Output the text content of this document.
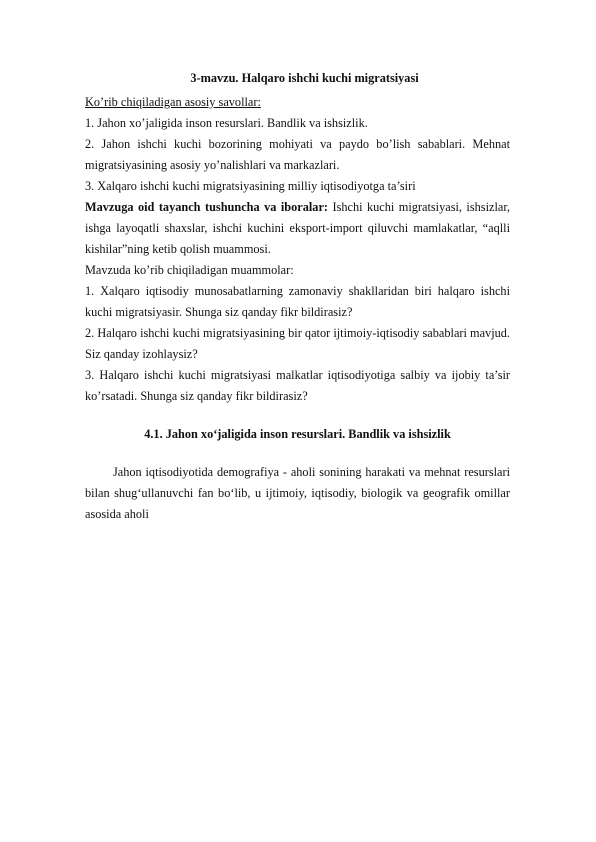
3-mavzu. Halqaro ishchi kuchi migratsiyasi

Ko’rib chiqiladigan asosiy savollar:

1. Jahon xo’jaligida inson resurslari. Bandlik va ishsizlik.

2. Jahon ishchi kuchi bozorining mohiyati va paydo bo’lish sabablari. Mehnat migratsiyasining asosiy yo’nalishlari va markazlari.

3. Xalqaro ishchi kuchi migratsiyasining milliy iqtisodiyotga ta’siri

Mavzuga oid tayanch tushuncha va iboralar: Ishchi kuchi migratsiyasi, ishsizlar, ishga layoqatli shaxslar, ishchi kuchini eksport-import qiluvchi mamlakatlar, “aqlli kishilar”ning ketib qolish muammosi.

Mavzuda ko’rib chiqiladigan muammolar:

1. Xalqaro iqtisodiy munosabatlarning zamonaviy shakllaridan biri halqaro ishchi kuchi migratsiyasir. Shunga siz qanday fikr bildirasiz?

2. Halqaro ishchi kuchi migratsiyasining bir qator ijtimoiy-iqtisodiy sabablari mavjud. Siz qanday izohlaysiz?

3. Halqaro ishchi kuchi migratsiyasi malkatlar iqtisodiyotiga salbiy va ijobiy ta’sir ko’rsatadi. Shunga siz qanday fikr bildirasiz?

4.1. Jahon xo‘jaligida inson resurslari. Bandlik va ishsizlik

Jahon iqtisodiyotida demografiya - aholi sonining harakati va mehnat resurslari bilan shug‘ullanuvchi fan bo‘lib, u ijtimoiy, iqtisodiy, biologik va geografik omillar asosida aholi
